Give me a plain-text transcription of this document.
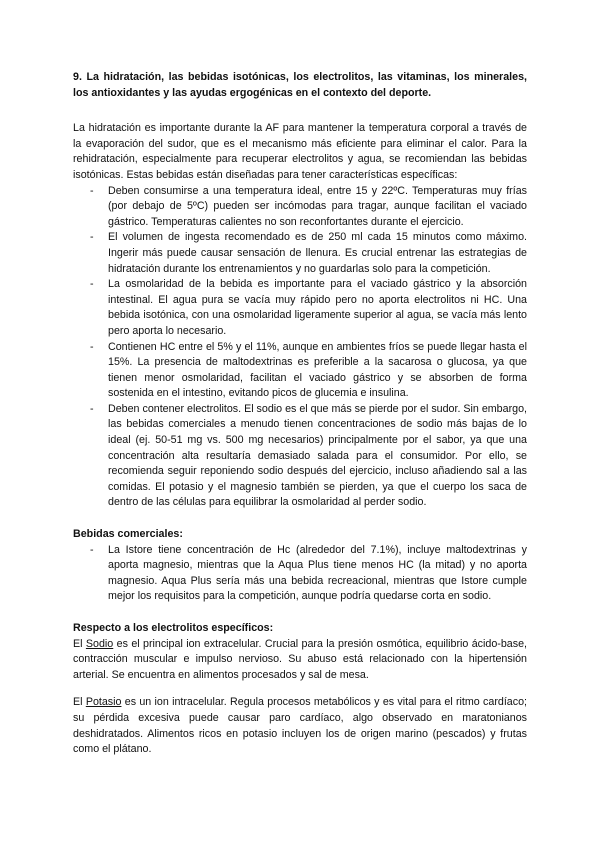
9. La hidratación, las bebidas isotónicas, los electrolitos, las vitaminas, los minerales, los antioxidantes y las ayudas ergogénicas en el contexto del deporte.

La hidratación es importante durante la AF para mantener la temperatura corporal a través de la evaporación del sudor, que es el mecanismo más eficiente para eliminar el calor. Para la rehidratación, especialmente para recuperar electrolitos y agua, se recomiendan las bebidas isotónicas. Estas bebidas están diseñadas para tener características específicas:

- Deben consumirse a una temperatura ideal, entre 15 y 22ºC. Temperaturas muy frías (por debajo de 5ºC) pueden ser incómodas para tragar, aunque facilitan el vaciado gástrico. Temperaturas calientes no son reconfortantes durante el ejercicio.
- El volumen de ingesta recomendado es de 250 ml cada 15 minutos como máximo. Ingerir más puede causar sensación de llenura. Es crucial entrenar las estrategias de hidratación durante los entrenamientos y no guardarlas solo para la competición.
- La osmolaridad de la bebida es importante para el vaciado gástrico y la absorción intestinal. El agua pura se vacía muy rápido pero no aporta electrolitos ni HC. Una bebida isotónica, con una osmolaridad ligeramente superior al agua, se vacía más lento pero aporta lo necesario.
- Contienen HC entre el 5% y el 11%, aunque en ambientes fríos se puede llegar hasta el 15%. La presencia de maltodextrinas es preferible a la sacarosa o glucosa, ya que tienen menor osmolaridad, facilitan el vaciado gástrico y se absorben de forma sostenida en el intestino, evitando picos de glucemia e insulina.
- Deben contener electrolitos. El sodio es el que más se pierde por el sudor. Sin embargo, las bebidas comerciales a menudo tienen concentraciones de sodio más bajas de lo ideal (ej. 50-51 mg vs. 500 mg necesarios) principalmente por el sabor, ya que una concentración alta resultaría demasiado salada para el consumidor. Por ello, se recomienda seguir reponiendo sodio después del ejercicio, incluso añadiendo sal a las comidas. El potasio y el magnesio también se pierden, ya que el cuerpo los saca de dentro de las células para equilibrar la osmolaridad al perder sodio.

Bebidas comerciales:

- La Istore tiene concentración de Hc (alrededor del 7.1%), incluye maltodextrinas y aporta magnesio, mientras que la Aqua Plus tiene menos HC (la mitad) y no aporta magnesio. Aqua Plus sería más una bebida recreacional, mientras que Istore cumple mejor los requisitos para la competición, aunque podría quedarse corta en sodio.

Respecto a los electrolitos específicos:

El Sodio es el principal ion extracelular. Crucial para la presión osmótica, equilibrio ácido-base, contracción muscular e impulso nervioso. Su abuso está relacionado con la hipertensión arterial. Se encuentra en alimentos procesados y sal de mesa.

El Potasio es un ion intracelular. Regula procesos metabólicos y es vital para el ritmo cardíaco; su pérdida excesiva puede causar paro cardíaco, algo observado en maratonianos deshidratados. Alimentos ricos en potasio incluyen los de origen marino (pescados) y frutas como el plátano.
